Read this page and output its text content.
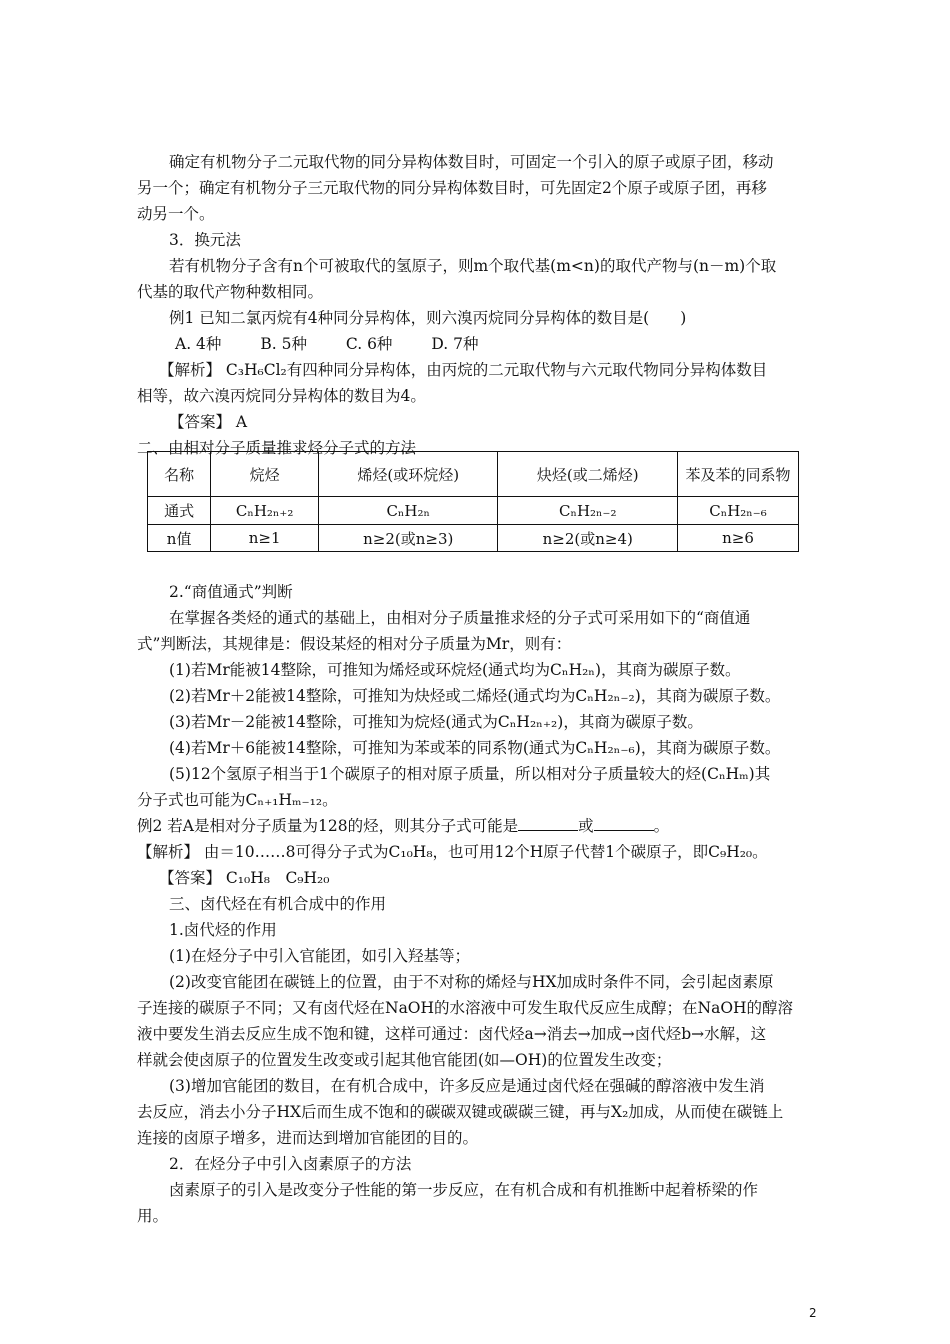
确定有机物分子二元取代物的同分异构体数目时，可固定一个引入的原子或原子团，移动
另一个；确定有机物分子三元取代物的同分异构体数目时，可先固定2个原子或原子团，再移
动另一个。
3．换元法
若有机物分子含有n个可被取代的氢原子，则m个取代基(m<n)的取代产物与(n－m)个取
代基的取代产物种数相同。
例1 已知二氯丙烷有4种同分异构体，则六溴丙烷同分异构体的数目是(　　)
A. 4种	B. 5种	C. 6种	D. 7种
【解析】 C₃H₆Cl₂有四种同分异构体，由丙烷的二元取代物与六元取代物同分异构体数目
相等，故六溴丙烷同分异构体的数目为4。
【答案】 A
二、由相对分子质量推求烃分子式的方法
名称	烷烃	烯烃(或环烷烃)	炔烃(或二烯烃)	苯及苯的同系物
通式	CₙH₂ₙ₊₂	CₙH₂ₙ	CₙH₂ₙ₋₂	CₙH₂ₙ₋₆
n值	n≥1	n≥2(或n≥3)	n≥2(或n≥4)	n≥6
2.“商值通式”判断
在掌握各类烃的通式的基础上，由相对分子质量推求烃的分子式可采用如下的“商值通
式”判断法，其规律是：假设某烃的相对分子质量为Mr，则有：
(1)若Mr能被14整除，可推知为烯烃或环烷烃(通式均为CₙH₂ₙ)，其商为碳原子数。
(2)若Mr＋2能被14整除，可推知为炔烃或二烯烃(通式均为CₙH₂ₙ₋₂)，其商为碳原子数。
(3)若Mr－2能被14整除，可推知为烷烃(通式为CₙH₂ₙ₊₂)，其商为碳原子数。
(4)若Mr＋6能被14整除，可推知为苯或苯的同系物(通式为CₙH₂ₙ₋₆)，其商为碳原子数。
(5)12个氢原子相当于1个碳原子的相对原子质量，所以相对分子质量较大的烃(CₙHₘ)其
分子式也可能为Cₙ₊₁Hₘ₋₁₂。
例2 若A是相对分子质量为128的烃，则其分子式可能是	或	。
【解析】 由＝10……8可得分子式为C₁₀H₈，也可用12个H原子代替1个碳原子，即C₉H₂₀。
【答案】 C₁₀H₈　C₉H₂₀
三、卤代烃在有机合成中的作用
1.卤代烃的作用
(1)在烃分子中引入官能团，如引入羟基等；
(2)改变官能团在碳链上的位置，由于不对称的烯烃与HX加成时条件不同，会引起卤素原
子连接的碳原子不同；又有卤代烃在NaOH的水溶液中可发生取代反应生成醇；在NaOH的醇溶
液中要发生消去反应生成不饱和键，这样可通过：卤代烃a→消去→加成→卤代烃b→水解，这
样就会使卤原子的位置发生改变或引起其他官能团(如—OH)的位置发生改变；
(3)增加官能团的数目，在有机合成中，许多反应是通过卤代烃在强碱的醇溶液中发生消
去反应，消去小分子HX后而生成不饱和的碳碳双键或碳碳三键，再与X₂加成，从而使在碳链上
连接的卤原子增多，进而达到增加官能团的目的。
2．在烃分子中引入卤素原子的方法
卤素原子的引入是改变分子性能的第一步反应，在有机合成和有机推断中起着桥梁的作
用。
2
